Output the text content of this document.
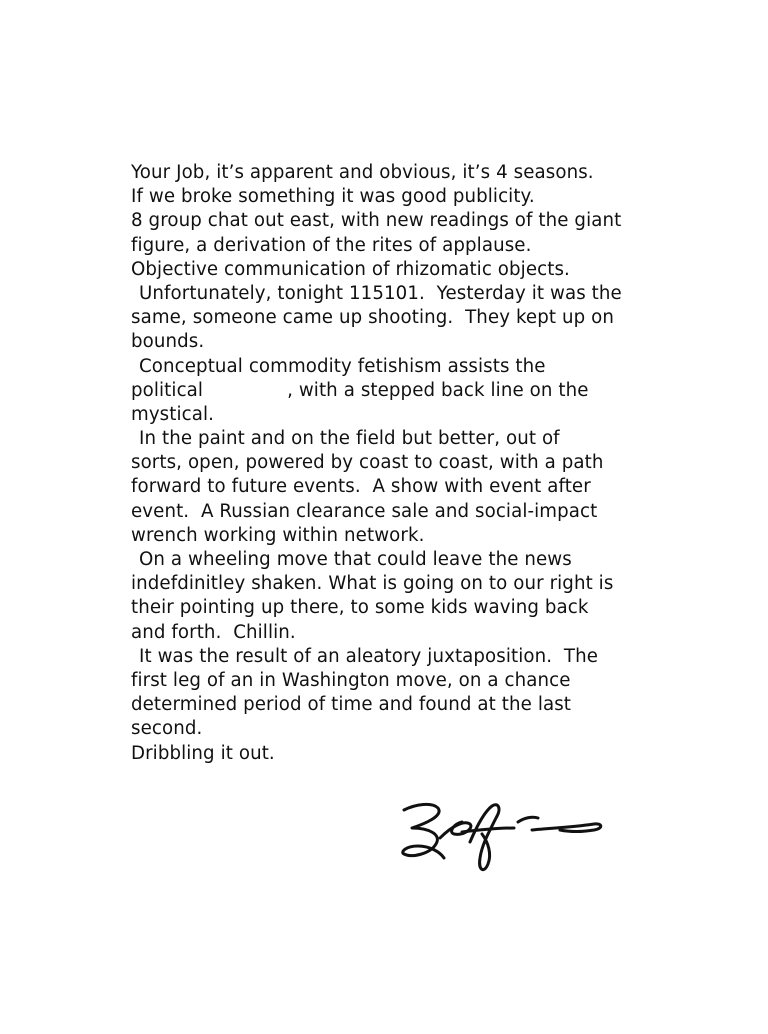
Your Job, it’s apparent and obvious, it’s 4 seasons.
If we broke something it was good publicity.
8 group chat out east, with new readings of the giant
figure, a derivation of the rites of applause.
Objective communication of rhizomatic objects.
Unfortunately, tonight 115101.  Yesterday it was the
same, someone came up shooting.  They kept up on
bounds.
Conceptual commodity fetishism assists the
political	, with a stepped back line on the
mystical.
In the paint and on the field but better, out of
sorts, open, powered by coast to coast, with a path
forward to future events.  A show with event after
event.  A Russian clearance sale and social-impact
wrench working within network.
On a wheeling move that could leave the news
indefdinitley shaken. What is going on to our right is
their pointing up there, to some kids waving back
and forth.  Chillin.
It was the result of an aleatory juxtaposition.  The
first leg of an in Washington move, on a chance
determined period of time and found at the last
second.
Dribbling it out.
